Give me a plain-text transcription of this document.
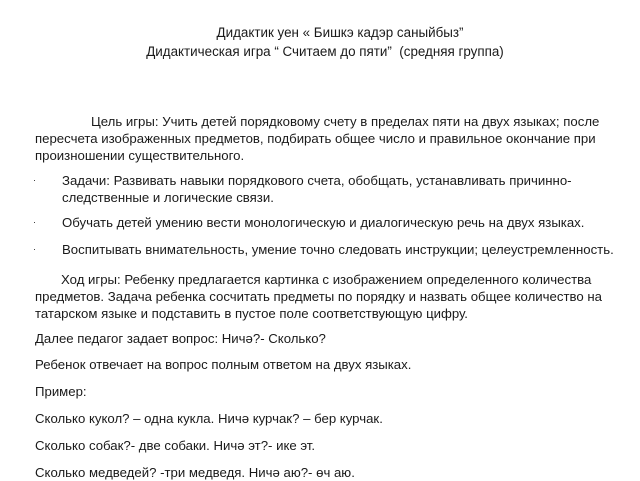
Дидактик уен « Бишкэ кадэр саныйбыз”
Дидактическая игра “ Считаем до пяти”  (средняя группа)
Цель игры: Учить детей порядковому счету в пределах пяти на двух языках; после
пересчета изображенных предметов, подбирать общее число и правильное окончание при
произношении существительного.
· Задачи: Развивать навыки порядкового счета, обобщать, устанавливать причинно-
следственные и логические связи.
· Обучать детей умению вести монологическую и диалогическую речь на двух языках.
· Воспитывать внимательность, умение точно следовать инструкции; целеустремленность.
Ход игры: Ребенку предлагается картинка с изображением определенного количества
предметов. Задача ребенка сосчитать предметы по порядку и назвать общее количество на
татарском языке и подставить в пустое поле соответствующую цифру.
Далее педагог задает вопрос: Ничә?- Сколько?
Ребенок отвечает на вопрос полным ответом на двух языках.
Пример:
Сколько кукол? – одна кукла. Ничә курчак? – бер курчак.
Сколько собак?- две собаки. Ничә эт?- ике эт.
Сколько медведей? -три медведя. Ничә аю?- өч аю.
